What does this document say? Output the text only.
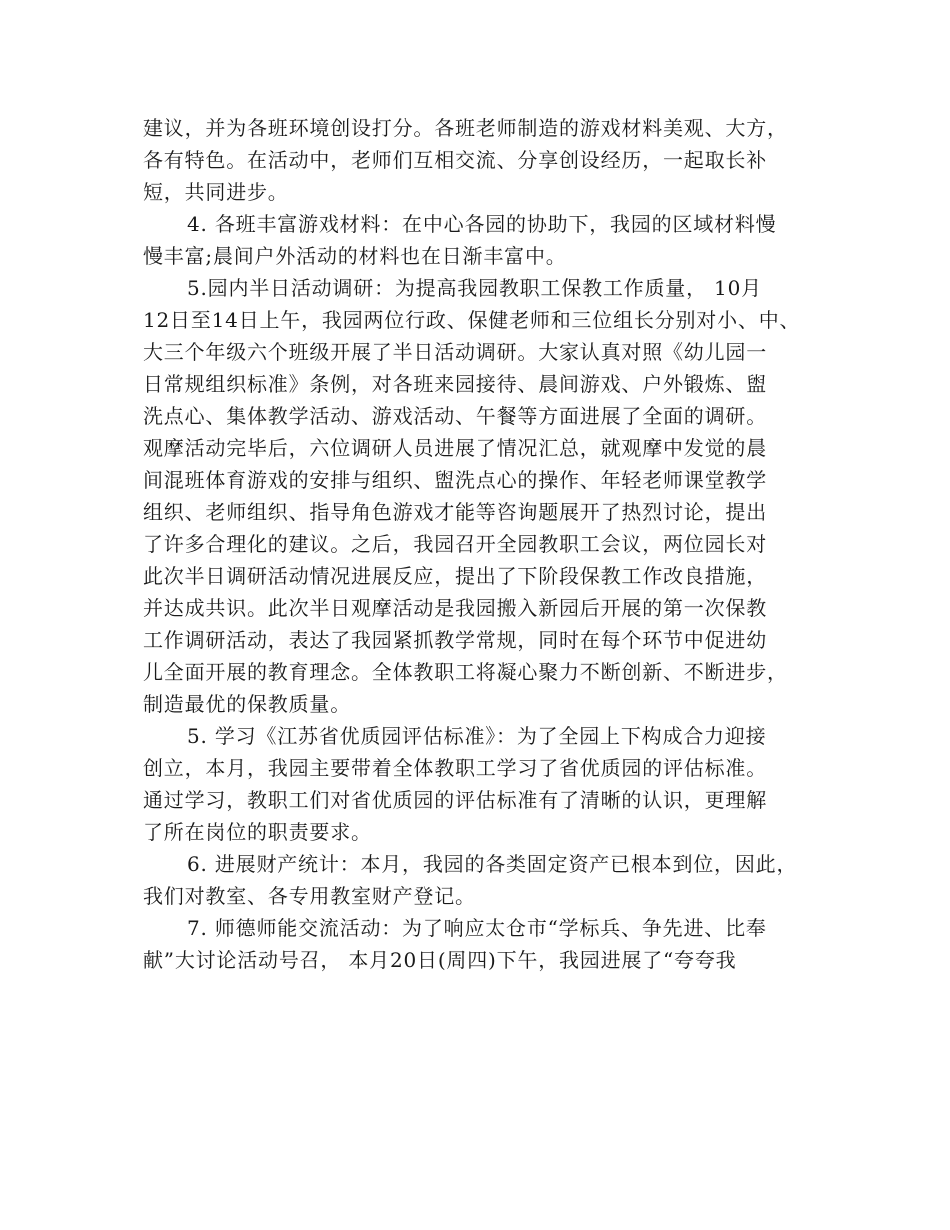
建议，并为各班环境创设打分。各班老师制造的游戏材料美观、大方，
各有特色。在活动中，老师们互相交流、分享创设经历，一起取长补
短，共同进步。
4. 各班丰富游戏材料：在中心各园的协助下，我园的区域材料慢
慢丰富;晨间户外活动的材料也在日渐丰富中。
5.园内半日活动调研：为提高我园教职工保教工作质量， 10月
12日至14日上午，我园两位行政、保健老师和三位组长分别对小、中、
大三个年级六个班级开展了半日活动调研。大家认真对照《幼儿园一
日常规组织标准》条例，对各班来园接待、晨间游戏、户外锻炼、盥
洗点心、集体教学活动、游戏活动、午餐等方面进展了全面的调研。
观摩活动完毕后，六位调研人员进展了情况汇总，就观摩中发觉的晨
间混班体育游戏的安排与组织、盥洗点心的操作、年轻老师课堂教学
组织、老师组织、指导角色游戏才能等咨询题展开了热烈讨论，提出
了许多合理化的建议。之后，我园召开全园教职工会议，两位园长对
此次半日调研活动情况进展反应，提出了下阶段保教工作改良措施，
并达成共识。此次半日观摩活动是我园搬入新园后开展的第一次保教
工作调研活动，表达了我园紧抓教学常规，同时在每个环节中促进幼
儿全面开展的教育理念。全体教职工将凝心聚力不断创新、不断进步，
制造最优的保教质量。
5. 学习《江苏省优质园评估标准》：为了全园上下构成合力迎接
创立，本月，我园主要带着全体教职工学习了省优质园的评估标准。
通过学习，教职工们对省优质园的评估标准有了清晰的认识，更理解
了所在岗位的职责要求。
6. 进展财产统计：本月，我园的各类固定资产已根本到位，因此，
我们对教室、各专用教室财产登记。
7. 师德师能交流活动：为了响应太仓市“学标兵、争先进、比奉
献”大讨论活动号召， 本月20日(周四)下午，我园进展了“夸夸我
